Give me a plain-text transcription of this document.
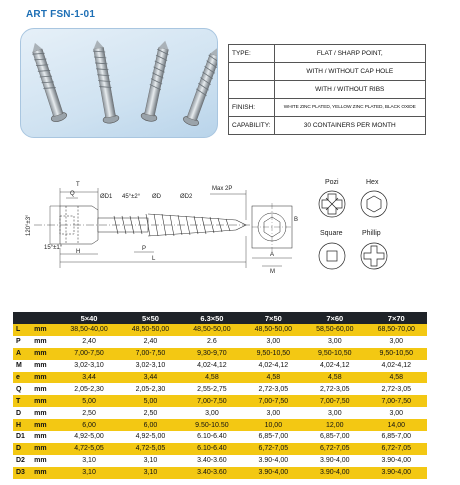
ART FSN-1-01
TYPE:	FLAT / SHARP POINT,
	WITH / WITHOUT CAP HOLE
	WITH / WITHOUT RIBS
FINISH:	WHITE ZINC PLATED, YELLOW ZINC PLATED, BLACK OXIDE
CAPABILITY:	30 CONTAINERS PER MONTH
T
Q	ØD1 45°±2° ØD	ØD2
Max 2P
120°±3°
15°±1°
H	P
L
B
A
M
Pozi	Hex
Square	Phillip
		5×40	5×50	6.3×50	7×50	7×60	7×70
L	mm	38,50-40,00	48,50-50,00	48,50-50,00	48,50-50,00	58,50-60,00	68,50-70,00
P	mm	2,40	2,40	2.6	3,00	3,00	3,00
A	mm	7,00-7,50	7,00-7,50	9,30-9,70	9,50-10,50	9,50-10,50	9,50-10,50
M	mm	3,02-3,10	3,02-3,10	4,02-4,12	4,02-4,12	4,02-4,12	4,02-4,12
e	mm	3,44	3,44	4,58	4,58	4,58	4,58
Q	mm	2,05-2,30	2,05-2,30	2,55-2,75	2,72-3,05	2,72-3,05	2,72-3,05
T	mm	5,00	5,00	7,00-7,50	7,00-7,50	7,00-7,50	7,00-7,50
D	mm	2,50	2,50	3,00	3,00	3,00	3,00
H	mm	6,00	6,00	9.50-10.50	10,00	12,00	14,00
D1	mm	4,92-5,00	4,92-5,00	6.10-6.40	6,85-7,00	6,85-7,00	6,85-7,00
D	mm	4,72-5,05	4,72-5,05	6.10-6.40	6,72-7,05	6,72-7,05	6,72-7,05
D2	mm	3,10	3,10	3.40-3.60	3.90-4,00	3.90-4,00	3.90-4,00
D3	mm	3,10	3,10	3.40-3.60	3.90-4,00	3.90-4,00	3.90-4,00
